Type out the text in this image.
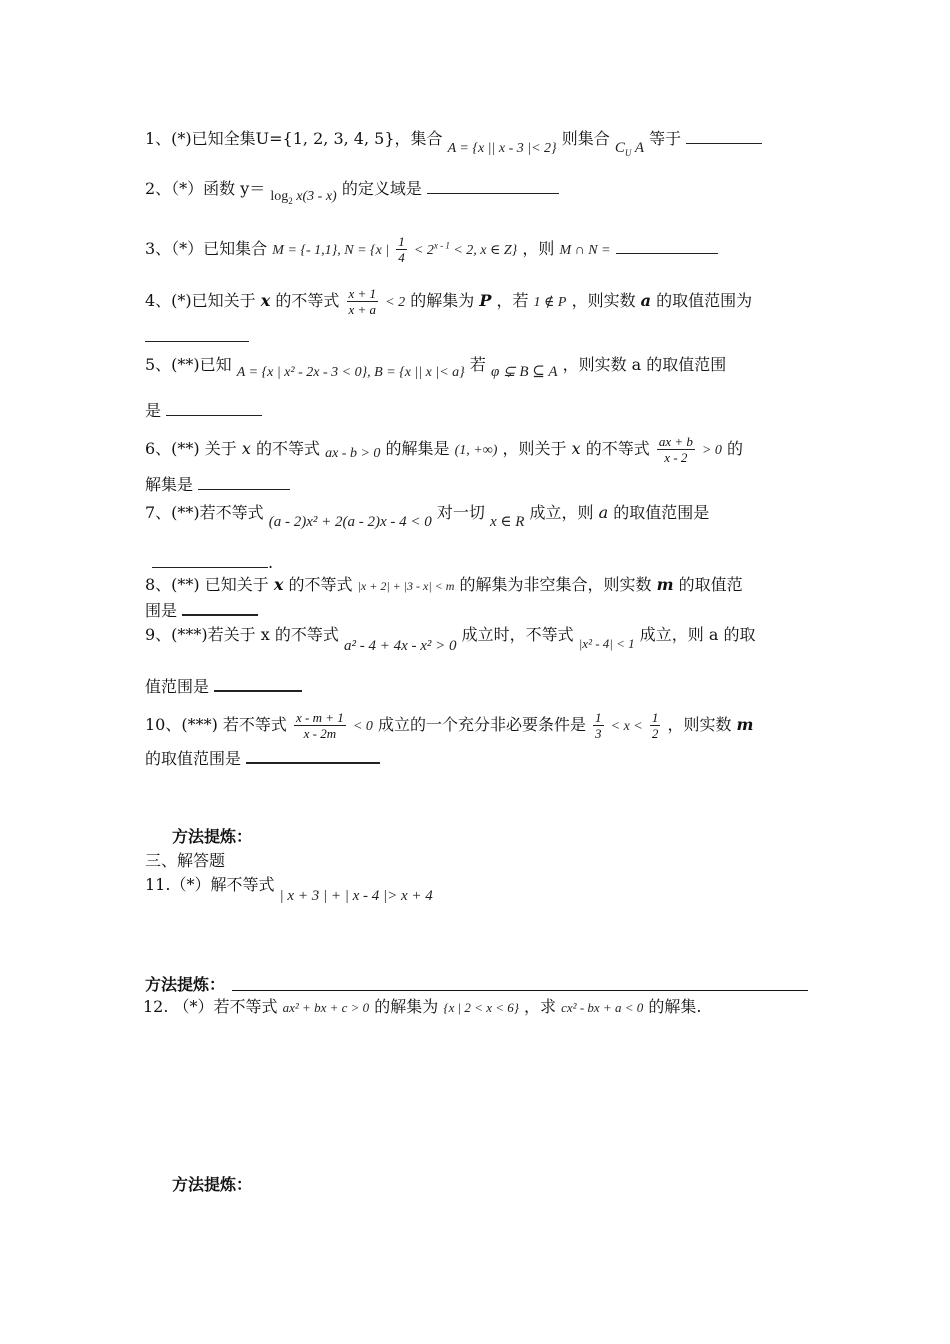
1、(*)已知全集U={1, 2, 3, 4, 5}，集合 A = {x || x - 3 |< 2} 则集合 $C_U$ A 等于
2、（*）函数 $y= \log_2 x(3 - x)$ 的定义域是
3、（*）已知集合 M = {- 1,1}, N = {x | $\frac{1}{4} < 2^{x - 1} < 2$, x ∈ Z} ，则 M ∩ N =
4、(*)已知关于 x 的不等式 $\frac{x + 1}{x + a} < 2$ 的解集为 P ，若 1 ∉ P ，则实数 a 的取值范围为
5、(**)已知 A = {x | x² - 2x - 3 < 0}, B = {x || x |< a} 若 φ ⊊ B ⊆ A ，则实数 a 的取值范围
是
6、(**) 关于 x 的不等式 ax - b > 0 的解集是 (1, +∞) ，则关于 x 的不等式 $\frac{ax + b}{x - 2} > 0$ 的
解集是
7、(**)若不等式 (a - 2)x² + 2(a - 2)x - 4 < 0 对一切 x ∈ R 成立，则 a 的取值范围是
.
8、(**) 已知关于 x 的不等式 |x + 2| + |3 - x| < m 的解集为非空集合，则实数 m 的取值范
围是
9、(***)若关于 x 的不等式 a² - 4 + 4x - x² > 0 成立时，不等式 $_{|x^2 - 4| < 1}$ 成立，则 a 的取
值范围是
10、(***) 若不等式 $\frac{x - m + 1}{x - 2m} < 0$ 成立的一个充分非必要条件是 $\frac{1}{3} < x < \frac{1}{2}$ ，则实数 m
的取值范围是
方法提炼：
三、解答题
11.（*）解不等式 | x + 3 | + | x - 4 |> x + 4
方法提炼：
12. （*）若不等式 ax² + bx + c > 0 的解集为 {x | 2 < x < 6} ，求 cx² - bx + a < 0 的解集.
方法提炼：
